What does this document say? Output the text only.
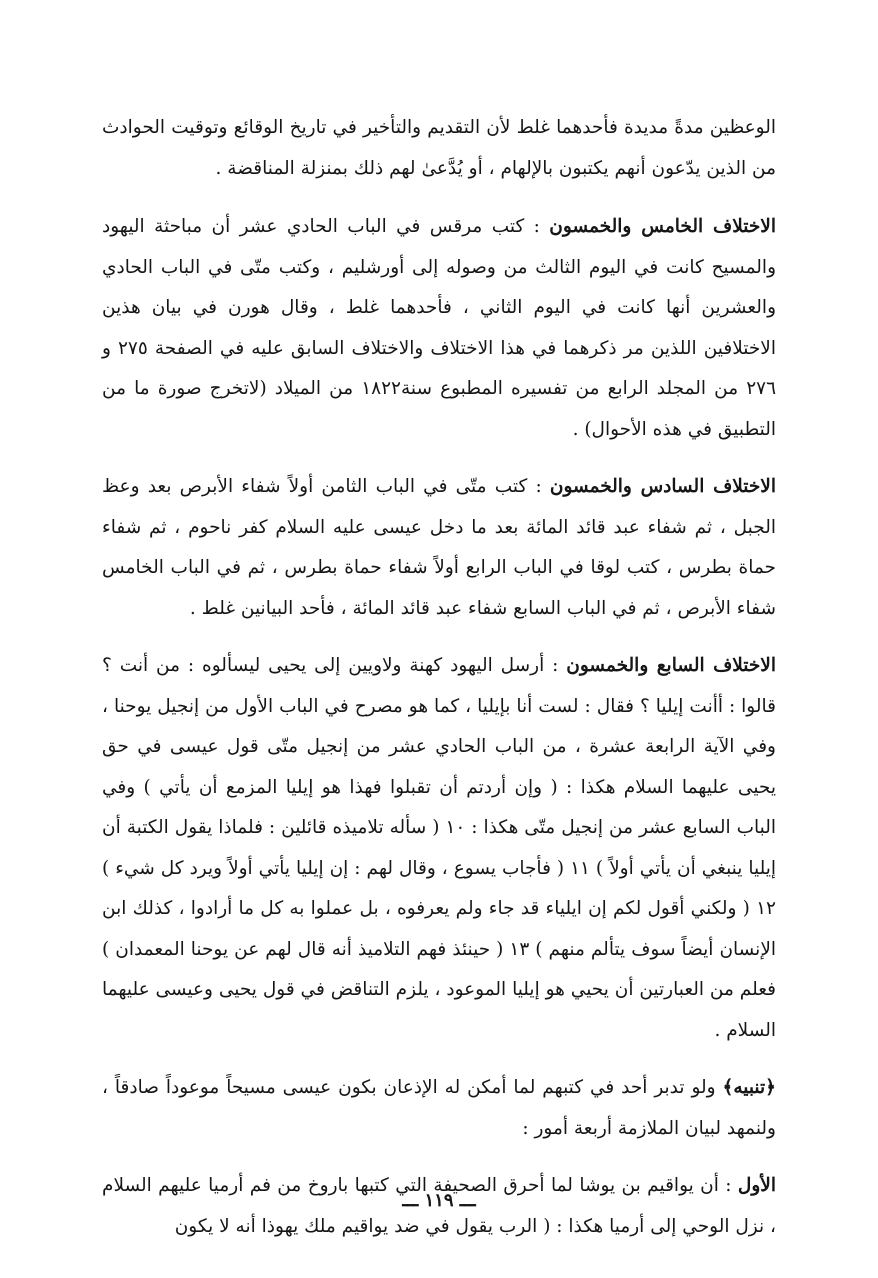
الوعظين مدةً مديدة فأحدهما غلط لأن التقديم والتأخير في تاريخ الوقائع وتوقيت الحوادث من الذين يدّعون أنهم يكتبون بالإلهام ، أو يُدَّعىٰ لهم ذلك بمنزلة المناقضة .

الاختلاف الخامس والخمسون : كتب مرقس في الباب الحادي عشر أن مباحثة اليهود والمسيح كانت في اليوم الثالث من وصوله إلى أورشليم ، وكتب متّى في الباب الحادي والعشرين أنها كانت في اليوم الثاني ، فأحدهما غلط ، وقال هورن في بيان هذين الاختلافين اللذين مر ذكرهما في هذا الاختلاف والاختلاف السابق عليه في الصفحة ٢٧٥ و ٢٧٦ من المجلد الرابع من تفسيره المطبوع سنة١٨٢٢ من الميلاد (لاتخرج صورة ما من التطبيق في هذه الأحوال) .

الاختلاف السادس والخمسون : كتب متّى في الباب الثامن أولاً شفاء الأبرص بعد وعظ الجبل ، ثم شفاء عبد قائد المائة بعد ما دخل عيسى عليه السلام كفر ناحوم ، ثم شفاء حماة بطرس ، كتب لوقا في الباب الرابع أولاً شفاء حماة بطرس ، ثم في الباب الخامس شفاء الأبرص ، ثم في الباب السابع شفاء عبد قائد المائة ، فأحد البيانين غلط .

الاختلاف السابع والخمسون : أرسل اليهود كهنة ولاويين إلى يحيى ليسألوه : من أنت ؟ قالوا : أأنت إيليا ؟ فقال : لست أنا بإيليا ، كما هو مصرح في الباب الأول من إنجيل يوحنا ، وفي الآية الرابعة عشرة ، من الباب الحادي عشر من إنجيل متّى قول عيسى في حق يحيى عليهما السلام هكذا : ( وإن أردتم أن تقبلوا فهذا هو إيليا المزمع أن يأتي ) وفي الباب السابع عشر من إنجيل متّى هكذا : ١٠ ( سأله تلاميذه قائلين : فلماذا يقول الكتبة أن إيليا ينبغي أن يأتي أولاً ) ١١ ( فأجاب يسوع ، وقال لهم : إن إيليا يأتي أولاً ويرد كل شيء ) ١٢ ( ولكني أقول لكم إن ايلياء قد جاء ولم يعرفوه ، بل عملوا به كل ما أرادوا ، كذلك ابن الإنسان أيضاً سوف يتألم منهم ) ١٣ ( حينئذ فهم التلاميذ أنه قال لهم عن يوحنا المعمدان ) فعلم من العبارتين أن يحيي هو إيليا الموعود ، يلزم التناقض في قول يحيى وعيسى عليهما السلام .

﴿تنبيه﴾ ولو تدبر أحد في كتبهم لما أمكن له الإذعان بكون عيسى مسيحاً موعوداً صادقاً ، ولنمهد لبيان الملازمة أربعة أمور :

الأول : أن يواقيم بن يوشا لما أحرق الصحيفة التي كتبها باروخ من فم أرميا عليهم السلام ، نزل الوحي إلى أرميا هكذا : ( الرب يقول في ضد يواقيم ملك يهوذا أنه لا يكون

ـــ ١١٩ ـــ
